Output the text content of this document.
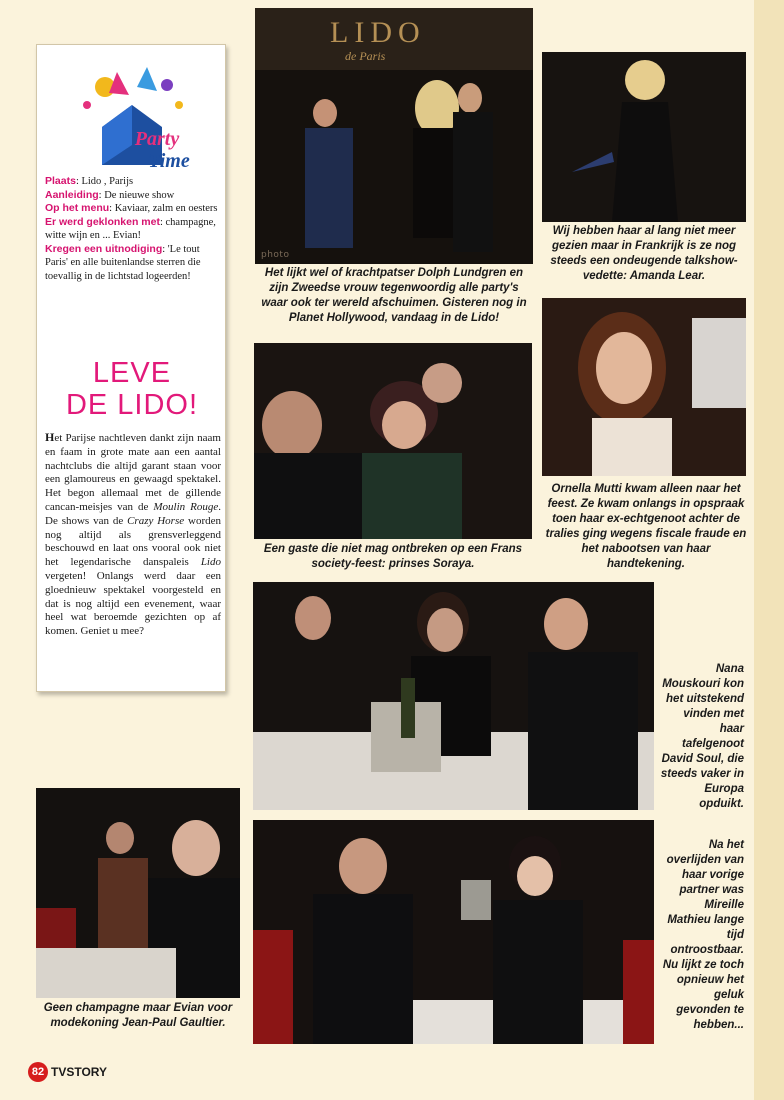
Party
Time
Plaats: Lido , Parijs
Aanleiding: De nieuwe show
Op het menu: Kaviaar, zalm en oesters
Er werd geklonken met: champagne, witte wijn en ... Evian!
Kregen een uitnodiging: 'Le tout Paris' en alle buitenlandse sterren die toevallig in de lichtstad logeerden!
LEVE
DE LIDO!
Het Parijse nachtleven dankt zijn naam en faam in grote mate aan een aantal nachtclubs die altijd garant staan voor een glamoureus en gewaagd spektakel. Het begon allemaal met de gillende cancan-meisjes van de Moulin Rouge. De shows van de Crazy Horse worden nog altijd als grensverleggend beschouwd en laat ons vooral ook niet het legendarische danspaleis Lido vergeten! Onlangs werd daar een gloednieuw spektakel voorgesteld en dat is nog altijd een evenement, waar heel wat beroemde gezichten op af komen. Geniet u mee?
LIDO
de Paris
photo
Het lijkt wel of krachtpatser Dolph Lundgren en zijn Zweedse vrouw tegenwoordig alle party's waar ook ter wereld afschuimen. Gisteren nog in Planet Hollywood, vandaag in de Lido!
Wij hebben haar al lang niet meer gezien maar in Frankrijk is ze nog steeds een ondeugende talkshow-vedette: Amanda Lear.
Een gaste die niet mag ontbreken op een Frans society-feest: prinses Soraya.
Ornella Mutti kwam alleen naar het feest. Ze kwam onlangs in opspraak toen haar ex-echtgenoot achter de tralies ging wegens fiscale fraude en het nabootsen van haar handtekening.
Nana Mouskouri kon het uitstekend vinden met haar tafelgenoot David Soul, die steeds vaker in Europa opduikt.
Na het overlijden van haar vorige partner was Mireille Mathieu lange tijd ontroostbaar. Nu lijkt ze toch opnieuw het geluk gevonden te hebben...
Geen champagne maar Evian voor modekoning Jean-Paul Gaultier.
82 TVSTORY
